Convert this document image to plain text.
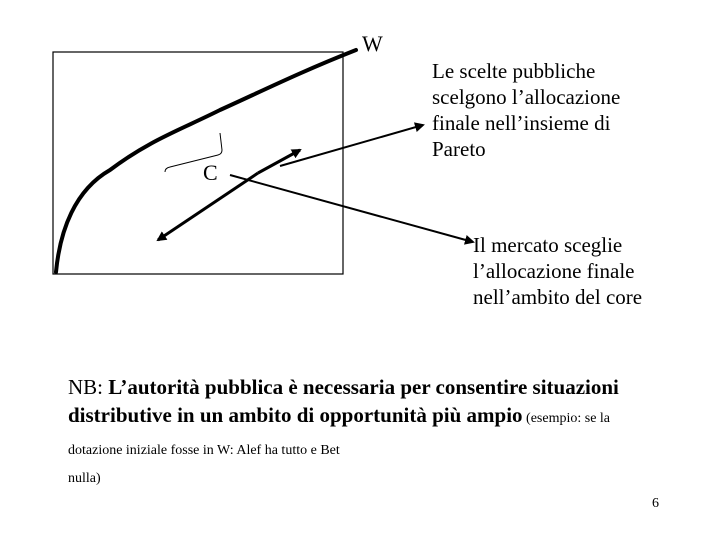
W
C
Le scelte pubbliche
scelgono l’allocazione
finale nell’insieme di
Pareto
Il mercato sceglie
l’allocazione finale
nell’ambito del core
NB: L’autorità pubblica è necessaria per consentire situazioni distributive in un ambito di opportunità più ampio (esempio: se la dotazione iniziale fosse in W: Alef ha tutto e Bet
nulla)
6
